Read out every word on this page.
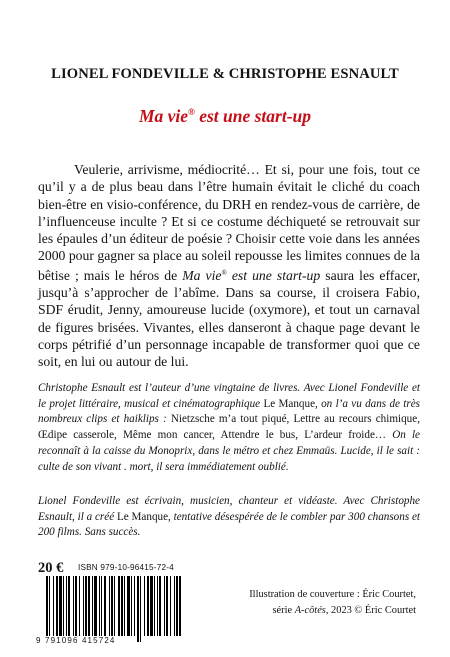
LIONEL FONDEVILLE & CHRISTOPHE ESNAULT
Ma vie® est une start-up

Veulerie, arrivisme, médiocrité… Et si, pour une fois, tout ce qu’il y a de plus beau dans l’être humain évitait le cliché du coach bien-être en visio-conférence, du DRH en rendez-vous de carrière, de l’influenceuse inculte ? Et si ce costume déchiqueté se retrouvait sur les épaules d’un éditeur de poésie ? Choisir cette voie dans les années 2000 pour gagner sa place au soleil repousse les limites connues de la bêtise ; mais le héros de Ma vie® est une start-up saura les effacer, jusqu’à s’approcher de l’abîme. Dans sa course, il croisera Fabio, SDF érudit, Jenny, amoureuse lucide (oxymore), et tout un carnaval de figures brisées. Vivantes, elles danseront à chaque page devant le corps pétrifié d’un personnage incapable de transformer quoi que ce soit, en lui ou autour de lui.

Christophe Esnault est l’auteur d’une vingtaine de livres. Avec Lionel Fondeville et le projet littéraire, musical et cinématographique Le Manque, on l’a vu dans de très nombreux clips et haiklips : Nietzsche m’a tout piqué, Lettre au recours chimique, Œdipe casserole, Même mon cancer, Attendre le bus, L’ardeur froide… On le reconnaît à la caisse du Monoprix, dans le métro et chez Emmaüs. Lucide, il le sait : culte de son vivant . mort, il sera immédiatement oublié.

Lionel Fondeville est écrivain, musicien, chanteur et vidéaste. Avec Christophe Esnault, il a créé Le Manque, tentative désespérée de le combler par 300 chansons et 200 films. Sans succès.

20 € ISBN 979-10-96415-72-4
9 791096 415724
Illustration de couverture : Éric Courtet,
série A-côtés, 2023 © Éric Courtet
